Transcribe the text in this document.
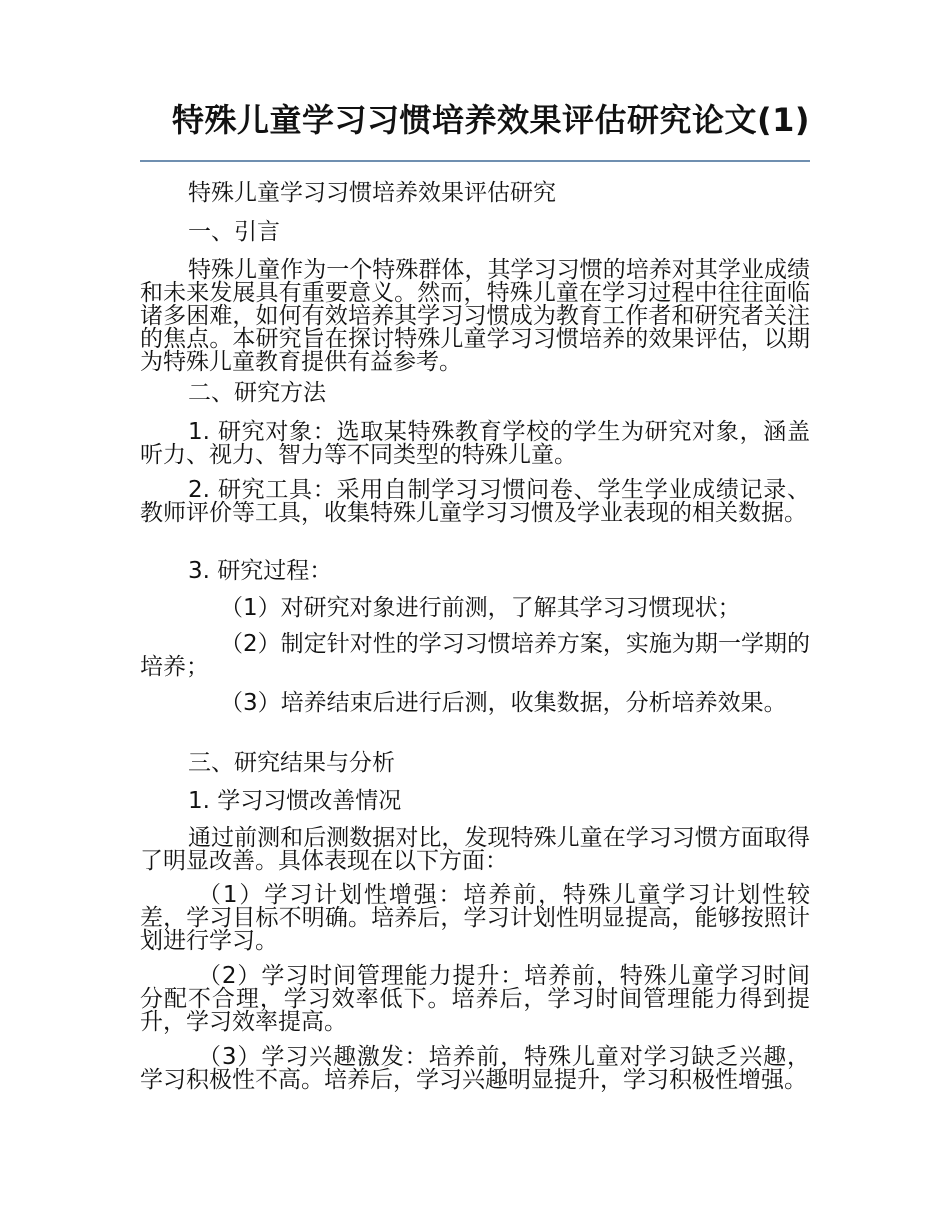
特殊儿童学习习惯培养效果评估研究论文(1)

特殊儿童学习习惯培养效果评估研究

一、引言

特殊儿童作为一个特殊群体，其学习习惯的培养对其学业成绩和未来发展具有重要意义。然而，特殊儿童在学习过程中往往面临诸多困难，如何有效培养其学习习惯成为教育工作者和研究者关注的焦点。本研究旨在探讨特殊儿童学习习惯培养的效果评估，以期为特殊儿童教育提供有益参考。

二、研究方法

1. 研究对象：选取某特殊教育学校的学生为研究对象，涵盖听力、视力、智力等不同类型的特殊儿童。

2. 研究工具：采用自制学习习惯问卷、学生学业成绩记录、教师评价等工具，收集特殊儿童学习习惯及学业表现的相关数据。

3. 研究过程：

（1）对研究对象进行前测，了解其学习习惯现状；

（2）制定针对性的学习习惯培养方案，实施为期一学期的培养；

（3）培养结束后进行后测，收集数据，分析培养效果。

三、研究结果与分析

1. 学习习惯改善情况

通过前测和后测数据对比，发现特殊儿童在学习习惯方面取得了明显改善。具体表现在以下方面：

（1）学习计划性增强：培养前，特殊儿童学习计划性较差，学习目标不明确。培养后，学习计划性明显提高，能够按照计划进行学习。

（2）学习时间管理能力提升：培养前，特殊儿童学习时间分配不合理，学习效率低下。培养后，学习时间管理能力得到提升，学习效率提高。

（3）学习兴趣激发：培养前，特殊儿童对学习缺乏兴趣，学习积极性不高。培养后，学习兴趣明显提升，学习积极性增强。
